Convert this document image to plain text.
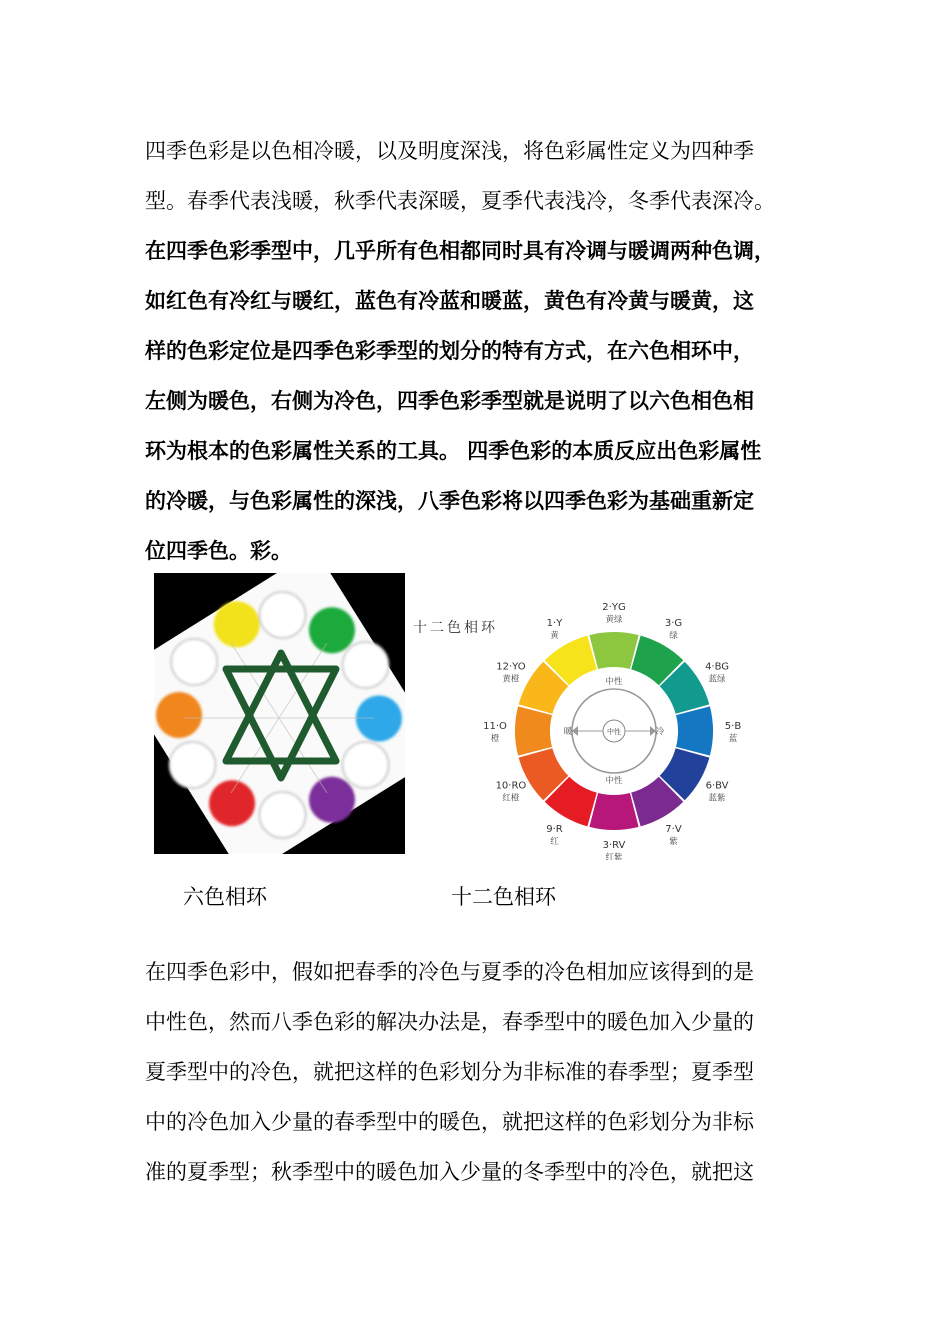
四季色彩是以色相冷暖，以及明度深浅，将色彩属性定义为四种季
型。春季代表浅暖，秋季代表深暖，夏季代表浅冷，冬季代表深冷。
在四季色彩季型中，几乎所有色相都同时具有冷调与暖调两种色调，
如红色有冷红与暖红，蓝色有冷蓝和暖蓝，黄色有冷黄与暖黄，这
样的色彩定位是四季色彩季型的划分的特有方式，在六色相环中，
左侧为暖色，右侧为冷色，四季色彩季型就是说明了以六色相色相
环为根本的色彩属性关系的工具。 四季色彩的本质反应出色彩属性
的冷暖，与色彩属性的深浅，八季色彩将以四季色彩为基础重新定
位四季色。彩。
十二色相环
中性
中性
暖	冷
中性
1·Y
黄
2·YG
黄绿	3·G
绿
4·BG
蓝绿
5·B
蓝
6·BV
蓝紫
7·V
紫
3·RV
红紫
9·R
红
10·RO
红橙
11·O
橙
12·YO
黄橙
六色相环	十二色相环
在四季色彩中，假如把春季的冷色与夏季的冷色相加应该得到的是
中性色，然而八季色彩的解决办法是，春季型中的暖色加入少量的
夏季型中的冷色，就把这样的色彩划分为非标准的春季型；夏季型
中的冷色加入少量的春季型中的暖色，就把这样的色彩划分为非标
准的夏季型；秋季型中的暖色加入少量的冬季型中的冷色，就把这
